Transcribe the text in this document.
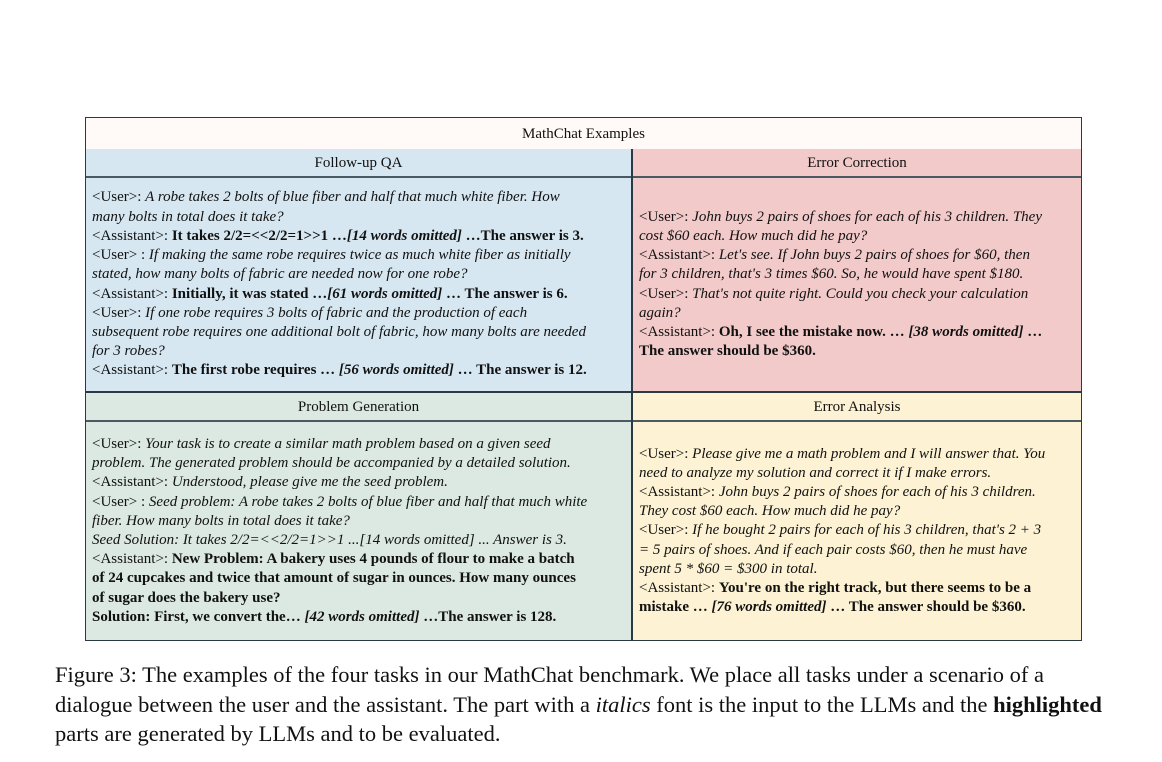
MathChat Examples
Follow-up QA
<User>: A robe takes 2 bolts of blue fiber and half that much white fiber. How
many bolts in total does it take?
<Assistant>: It takes 2/2=<<2/2=1>>1 …[14 words omitted] …The answer is 3.
<User> : If making the same robe requires twice as much white fiber as initially
stated, how many bolts of fabric are needed now for one robe?
<Assistant>: Initially, it was stated …[61 words omitted] … The answer is 6.
<User>: If one robe requires 3 bolts of fabric and the production of each
subsequent robe requires one additional bolt of fabric, how many bolts are needed
for 3 robes?
<Assistant>: The first robe requires … [56 words omitted] … The answer is 12.
Error Correction
<User>: John buys 2 pairs of shoes for each of his 3 children. They
cost $60 each. How much did he pay?
<Assistant>: Let's see. If John buys 2 pairs of shoes for $60, then
for 3 children, that's 3 times $60. So, he would have spent $180.
<User>: That's not quite right. Could you check your calculation
again?
<Assistant>: Oh, I see the mistake now. … [38 words omitted] …
The answer should be $360.
Problem Generation
<User>: Your task is to create a similar math problem based on a given seed
problem. The generated problem should be accompanied by a detailed solution.
<Assistant>: Understood, please give me the seed problem.
<User> : Seed problem: A robe takes 2 bolts of blue fiber and half that much white
fiber. How many bolts in total does it take?
Seed Solution: It takes 2/2=<<2/2=1>>1 ...[14 words omitted] ... Answer is 3.
<Assistant>: New Problem: A bakery uses 4 pounds of flour to make a batch
of 24 cupcakes and twice that amount of sugar in ounces. How many ounces
of sugar does the bakery use?
Solution: First, we convert the… [42 words omitted] …The answer is 128.
Error Analysis
<User>: Please give me a math problem and I will answer that. You
need to analyze my solution and correct it if I make errors.
<Assistant>: John buys 2 pairs of shoes for each of his 3 children.
They cost $60 each. How much did he pay?
<User>: If he bought 2 pairs for each of his 3 children, that's 2 + 3
= 5 pairs of shoes. And if each pair costs $60, then he must have
spent 5 * $60 = $300 in total.
<Assistant>: You're on the right track, but there seems to be a
mistake … [76 words omitted] … The answer should be $360.
Figure 3: The examples of the four tasks in our MathChat benchmark. We place all tasks under a scenario of a dialogue between the user and the assistant. The part with a italics font is the input to the LLMs and the highlighted parts are generated by LLMs and to be evaluated.
